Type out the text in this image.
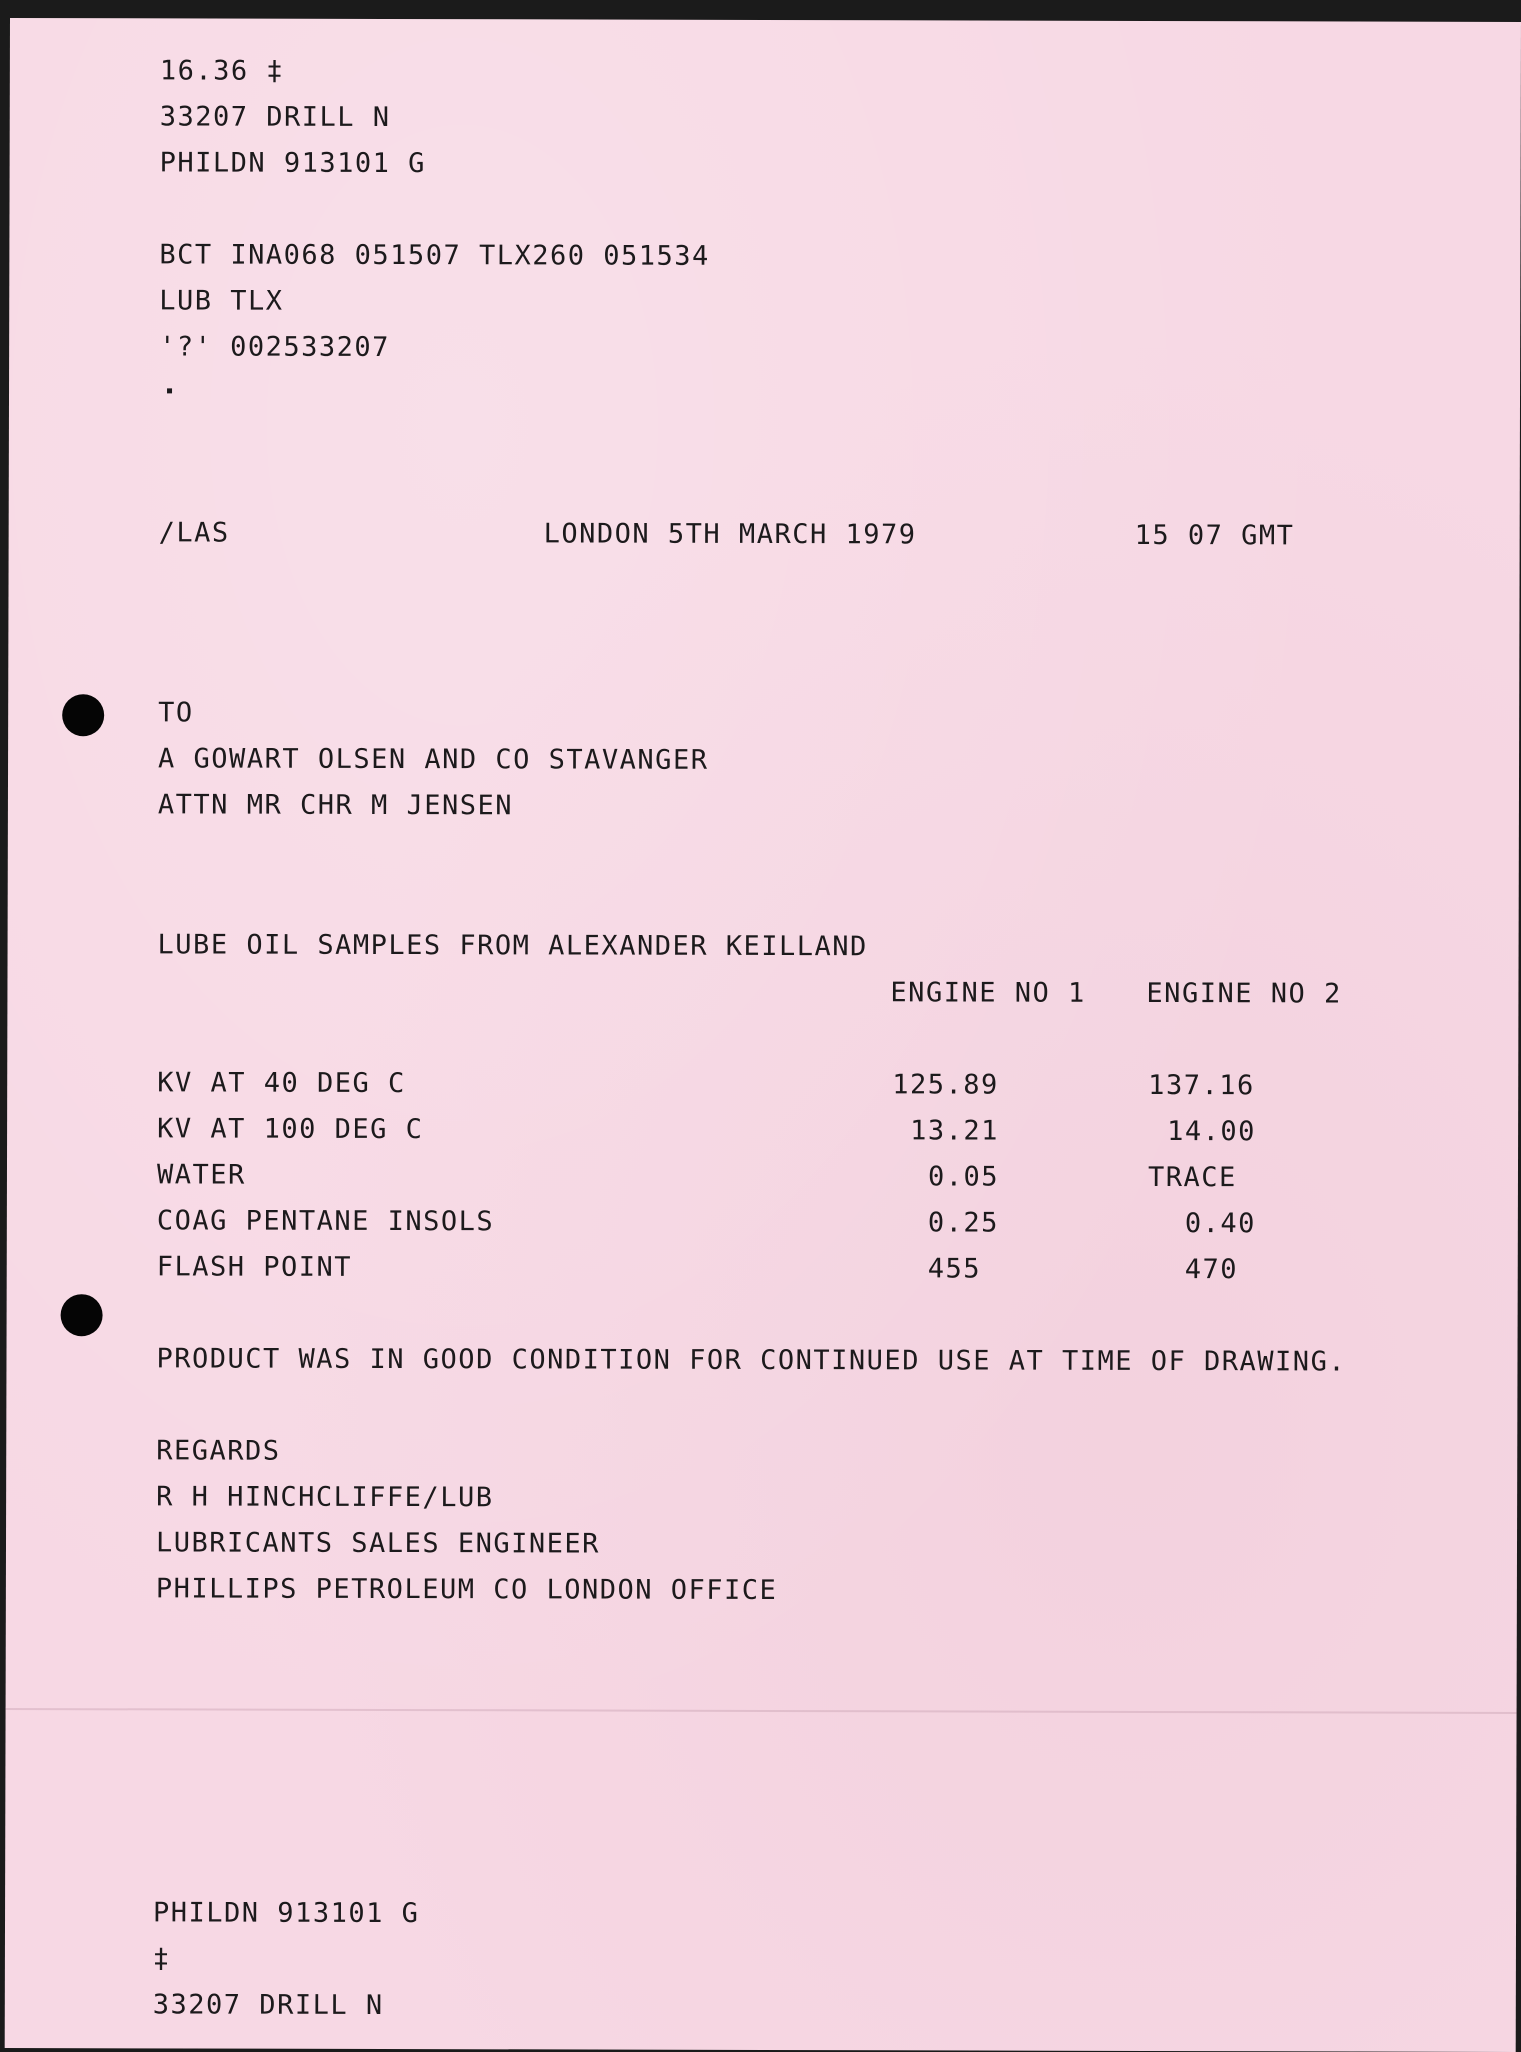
16.36 ‡
33207 DRILL N
PHILDN 913101 G
BCT INA068 051507 TLX260 051534
LUB TLX
'?' 002533207
/LAS	LONDON 5TH MARCH 1979	15 07 GMT
TO
A GOWART OLSEN AND CO STAVANGER
ATTN MR CHR M JENSEN
LUBE OIL SAMPLES FROM ALEXANDER KEILLAND
ENGINE NO 1 ENGINE NO 2
KV AT 40 DEG C	125.89	137.16
KV AT 100 DEG C	13.21	14.00
WATER	0.05	TRACE
COAG PENTANE INSOLS	0.25	0.40
FLASH POINT	455	470
PRODUCT WAS IN GOOD CONDITION FOR CONTINUED USE AT TIME OF DRAWING.
REGARDS
R H HINCHCLIFFE/LUB
LUBRICANTS SALES ENGINEER
PHILLIPS PETROLEUM CO LONDON OFFICE
PHILDN 913101 G
‡
33207 DRILL N
